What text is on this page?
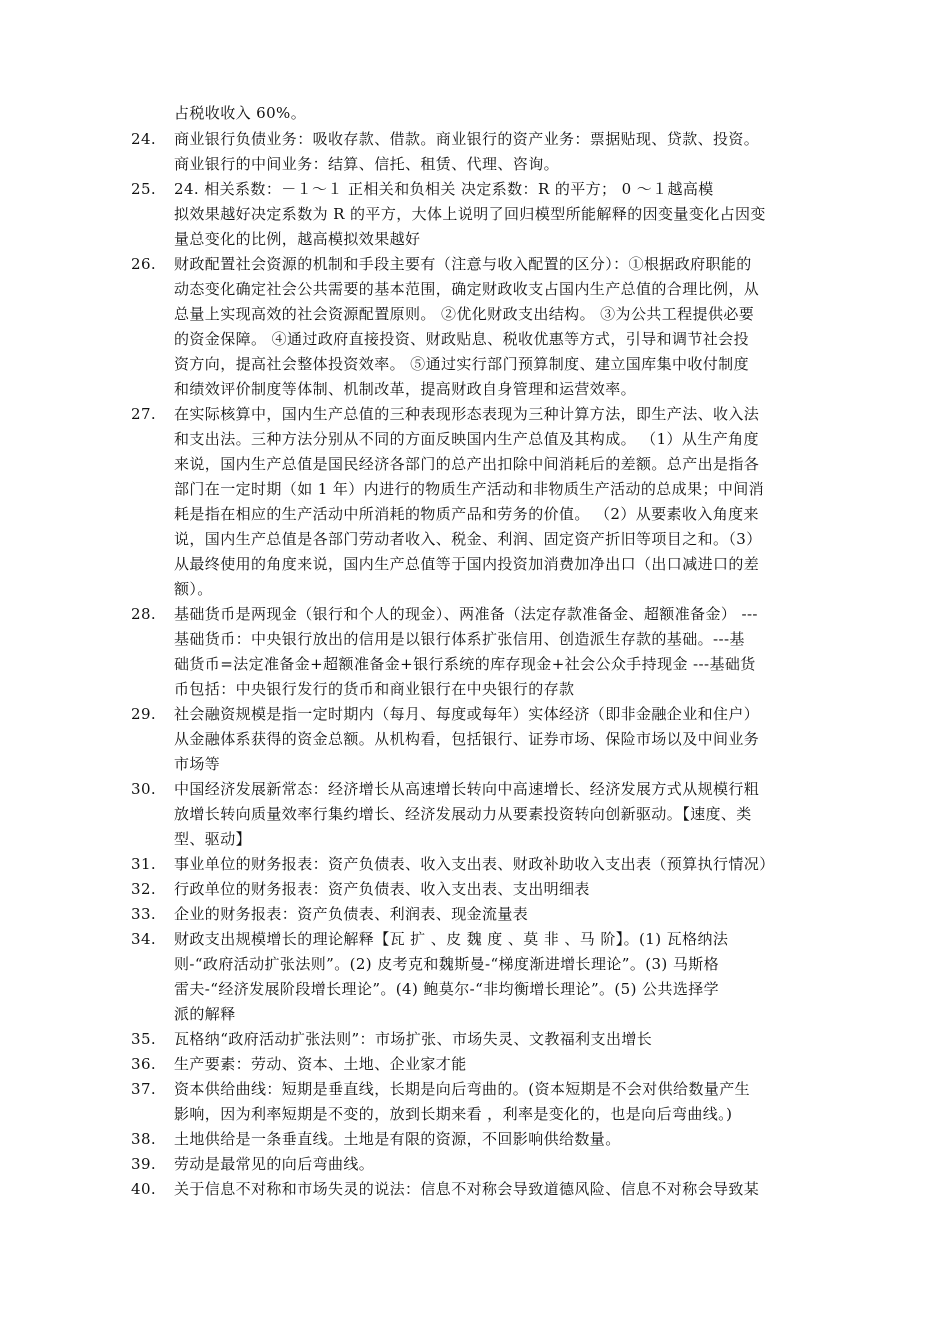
占税收收入 60%。
24. 商业银行负债业务：吸收存款、借款。商业银行的资产业务：票据贴现、贷款、投资。
商业银行的中间业务：结算、信托、租赁、代理、咨询。
25. 24. 相关系数：－１～１ 正相关和负相关 决定系数：R 的平方； 0 ～１越高模
拟效果越好决定系数为 R 的平方，大体上说明了回归模型所能解释的因变量变化占因变
量总变化的比例，越高模拟效果越好
26. 财政配置社会资源的机制和手段主要有（注意与收入配置的区分）：①根据政府职能的
动态变化确定社会公共需要的基本范围，确定财政收支占国内生产总值的合理比例，从
总量上实现高效的社会资源配置原则。 ②优化财政支出结构。 ③为公共工程提供必要
的资金保障。 ④通过政府直接投资、财政贴息、税收优惠等方式，引导和调节社会投
资方向，提高社会整体投资效率。 ⑤通过实行部门预算制度、建立国库集中收付制度
和绩效评价制度等体制、机制改革，提高财政自身管理和运营效率。
27. 在实际核算中，国内生产总值的三种表现形态表现为三种计算方法，即生产法、收入法
和支出法。三种方法分别从不同的方面反映国内生产总值及其构成。 （1）从生产角度
来说，国内生产总值是国民经济各部门的总产出扣除中间消耗后的差额。总产出是指各
部门在一定时期（如 1 年）内进行的物质生产活动和非物质生产活动的总成果；中间消
耗是指在相应的生产活动中所消耗的物质产品和劳务的价值。 （2）从要素收入角度来
说，国内生产总值是各部门劳动者收入、税金、利润、固定资产折旧等项目之和。（3）
从最终使用的角度来说，国内生产总值等于国内投资加消费加净出口（出口减进口的差
额）。
28. 基础货币是两现金（银行和个人的现金）、两准备（法定存款准备金、超额准备金） ---
基础货币：中央银行放出的信用是以银行体系扩张信用、创造派生存款的基础。---基
础货币=法定准备金+超额准备金+银行系统的库存现金+社会公众手持现金 ---基础货
币包括：中央银行发行的货币和商业银行在中央银行的存款
29. 社会融资规模是指一定时期内（每月、每度或每年）实体经济（即非金融企业和住户）
从金融体系获得的资金总额。从机构看，包括银行、证券市场、保险市场以及中间业务
市场等
30. 中国经济发展新常态：经济增长从高速增长转向中高速增长、经济发展方式从规模行粗
放增长转向质量效率行集约增长、经济发展动力从要素投资转向创新驱动。【速度、类
型、驱动】
31. 事业单位的财务报表：资产负债表、收入支出表、财政补助收入支出表（预算执行情况）
32. 行政单位的财务报表：资产负债表、收入支出表、支出明细表
33. 企业的财务报表：资产负债表、利润表、现金流量表
34. 财政支出规模增长的理论解释【瓦 扩 、皮 魏 度 、莫 非 、马 阶】。(1) 瓦格纳法
则-“政府活动扩张法则”。(2) 皮考克和魏斯曼-“梯度渐进增长理论”。(3) 马斯格
雷夫-“经济发展阶段增长理论”。(4) 鲍莫尔-“非均衡增长理论”。(5) 公共选择学
派的解释
35. 瓦格纳“政府活动扩张法则”：市场扩张、市场失灵、文教福利支出增长
36. 生产要素：劳动、资本、土地、企业家才能
37. 资本供给曲线：短期是垂直线，长期是向后弯曲的。(资本短期是不会对供给数量产生
影响，因为利率短期是不变的，放到长期来看 ，利率是变化的，也是向后弯曲线。)
38. 土地供给是一条垂直线。土地是有限的资源，不回影响供给数量。
39. 劳动是最常见的向后弯曲线。
40. 关于信息不对称和市场失灵的说法：信息不对称会导致道德风险、信息不对称会导致某
